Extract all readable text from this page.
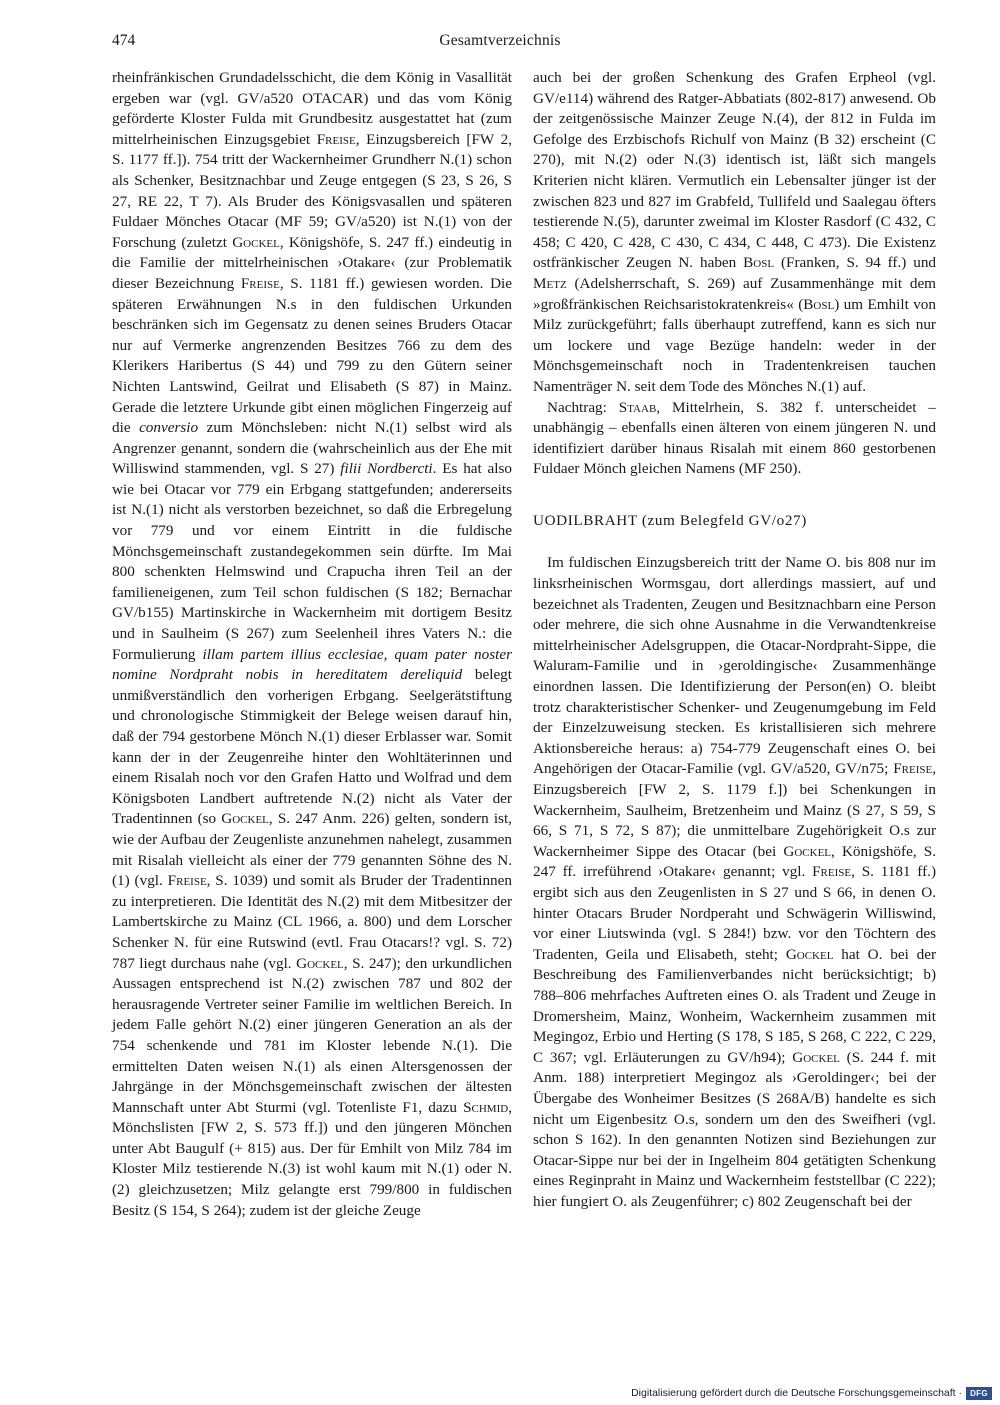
474	Gesamtverzeichnis

rheinfränkischen Grundadelsschicht, die dem König in Vasallität ergeben war (vgl. GV/a520 OTACAR) und das vom König geförderte Kloster Fulda mit Grundbesitz ausgestattet hat (zum mittelrheinischen Einzugsgebiet Freise, Einzugsbereich [FW 2, S. 1177 ff.]). 754 tritt der Wackernheimer Grundherr N.(1) schon als Schenker, Besitznachbar und Zeuge entgegen (S 23, S 26, S 27, RE 22, T 7). Als Bruder des Königsvasallen und späteren Fuldaer Mönches Otacar (MF 59; GV/a520) ist N.(1) von der Forschung (zuletzt Gockel, Königshöfe, S. 247 ff.) eindeutig in die Familie der mittelrheinischen ›Otakare‹ (zur Problematik dieser Bezeichnung Freise, S. 1181 ff.) gewiesen worden. Die späteren Erwähnungen N.s in den fuldischen Urkunden beschränken sich im Gegensatz zu denen seines Bruders Otacar nur auf Vermerke angrenzenden Besitzes 766 zu dem des Klerikers Haribertus (S 44) und 799 zu den Gütern seiner Nichten Lantswind, Geilrat und Elisabeth (S 87) in Mainz. Gerade die letztere Urkunde gibt einen möglichen Fingerzeig auf die conversio zum Mönchsleben: nicht N.(1) selbst wird als Angrenzer genannt, sondern die (wahrscheinlich aus der Ehe mit Williswind stammenden, vgl. S 27) filii Nordbercti. Es hat also wie bei Otacar vor 779 ein Erbgang stattgefunden; andererseits ist N.(1) nicht als verstorben bezeichnet, so daß die Erbregelung vor 779 und vor einem Eintritt in die fuldische Mönchsgemeinschaft zustandegekommen sein dürfte. Im Mai 800 schenkten Helmswind und Crapucha ihren Teil an der familieneigenen, zum Teil schon fuldischen (S 182; Bernachar GV/b155) Martinskirche in Wackernheim mit dortigem Besitz und in Saulheim (S 267) zum Seelenheil ihres Vaters N.: die Formulierung illam partem illius ecclesiae, quam pater noster nomine Nordpraht nobis in hereditatem dereliquid belegt unmißverständlich den vorherigen Erbgang. Seelgerätstiftung und chronologische Stimmigkeit der Belege weisen darauf hin, daß der 794 gestorbene Mönch N.(1) dieser Erblasser war. Somit kann der in der Zeugenreihe hinter den Wohltäterinnen und einem Risalah noch vor den Grafen Hatto und Wolfrad und dem Königsboten Landbert auftretende N.(2) nicht als Vater der Tradentinnen (so Gockel, S. 247 Anm. 226) gelten, sondern ist, wie der Aufbau der Zeugenliste anzunehmen nahelegt, zusammen mit Risalah vielleicht als einer der 779 genannten Söhne des N.(1) (vgl. Freise, S. 1039) und somit als Bruder der Tradentinnen zu interpretieren. Die Identität des N.(2) mit dem Mitbesitzer der Lambertskirche zu Mainz (CL 1966, a. 800) und dem Lorscher Schenker N. für eine Rutswind (evtl. Frau Otacars!? vgl. S. 72) 787 liegt durchaus nahe (vgl. Gockel, S. 247); den urkundlichen Aussagen entsprechend ist N.(2) zwischen 787 und 802 der herausragende Vertreter seiner Familie im weltlichen Bereich. In jedem Falle gehört N.(2) einer jüngeren Generation an als der 754 schenkende und 781 im Kloster lebende N.(1). Die ermittelten Daten weisen N.(1) als einen Altersgenossen der Jahrgänge in der Mönchsgemeinschaft zwischen der ältesten Mannschaft unter Abt Sturmi (vgl. Totenliste F1, dazu Schmid, Mönchslisten [FW 2, S. 573 ff.]) und den jüngeren Mönchen unter Abt Baugulf (+ 815) aus. Der für Emhilt von Milz 784 im Kloster Milz testierende N.(3) ist wohl kaum mit N.(1) oder N.(2) gleichzusetzen; Milz gelangte erst 799/800 in fuldischen Besitz (S 154, S 264); zudem ist der gleiche Zeuge

auch bei der großen Schenkung des Grafen Erpheol (vgl. GV/e114) während des Ratger-Abbatiats (802-817) anwesend. Ob der zeitgenössische Mainzer Zeuge N.(4), der 812 in Fulda im Gefolge des Erzbischofs Richulf von Mainz (B 32) erscheint (C 270), mit N.(2) oder N.(3) identisch ist, läßt sich mangels Kriterien nicht klären. Vermutlich ein Lebensalter jünger ist der zwischen 823 und 827 im Grabfeld, Tullifeld und Saalegau öfters testierende N.(5), darunter zweimal im Kloster Rasdorf (C 432, C 458; C 420, C 428, C 430, C 434, C 448, C 473). Die Existenz ostfränkischer Zeugen N. haben Bosl (Franken, S. 94 ff.) und Metz (Adelsherrschaft, S. 269) auf Zusammenhänge mit dem »großfränkischen Reichsaristokratenkreis« (Bosl) um Emhilt von Milz zurückgeführt; falls überhaupt zutreffend, kann es sich nur um lockere und vage Bezüge handeln: weder in der Mönchsgemeinschaft noch in Tradentenkreisen tauchen Namenträger N. seit dem Tode des Mönches N.(1) auf.

Nachtrag: Staab, Mittelrhein, S. 382 f. unterscheidet – unabhängig – ebenfalls einen älteren von einem jüngeren N. und identifiziert darüber hinaus Risalah mit einem 860 gestorbenen Fuldaer Mönch gleichen Namens (MF 250).

UODILBRAHT (zum Belegfeld GV/o27)

Im fuldischen Einzugsbereich tritt der Name O. bis 808 nur im linksrheinischen Wormsgau, dort allerdings massiert, auf und bezeichnet als Tradenten, Zeugen und Besitznachbarn eine Person oder mehrere, die sich ohne Ausnahme in die Verwandtenkreise mittelrheinischer Adelsgruppen, die Otacar-Nordpraht-Sippe, die Waluram-Familie und in ›geroldingische‹ Zusammenhänge einordnen lassen. Die Identifizierung der Person(en) O. bleibt trotz charakteristischer Schenker- und Zeugenumgebung im Feld der Einzelzuweisung stecken. Es kristallisieren sich mehrere Aktionsbereiche heraus: a) 754-779 Zeugenschaft eines O. bei Angehörigen der Otacar-Familie (vgl. GV/a520, GV/n75; Freise, Einzugsbereich [FW 2, S. 1179 f.]) bei Schenkungen in Wackernheim, Saulheim, Bretzenheim und Mainz (S 27, S 59, S 66, S 71, S 72, S 87); die unmittelbare Zugehörigkeit O.s zur Wackernheimer Sippe des Otacar (bei Gockel, Königshöfe, S. 247 ff. irreführend ›Otakare‹ genannt; vgl. Freise, S. 1181 ff.) ergibt sich aus den Zeugenlisten in S 27 und S 66, in denen O. hinter Otacars Bruder Nordperaht und Schwägerin Williswind, vor einer Liutswinda (vgl. S 284!) bzw. vor den Töchtern des Tradenten, Geila und Elisabeth, steht; Gockel hat O. bei der Beschreibung des Familienverbandes nicht berücksichtigt; b) 788–806 mehrfaches Auftreten eines O. als Tradent und Zeuge in Dromersheim, Mainz, Wonheim, Wackernheim zusammen mit Megingoz, Erbio und Herting (S 178, S 185, S 268, C 222, C 229, C 367; vgl. Erläuterungen zu GV/h94); Gockel (S. 244 f. mit Anm. 188) interpretiert Megingoz als ›Geroldinger‹; bei der Übergabe des Wonheimer Besitzes (S 268A/B) handelte es sich nicht um Eigenbesitz O.s, sondern um den des Sweifheri (vgl. schon S 162). In den genannten Notizen sind Beziehungen zur Otacar-Sippe nur bei der in Ingelheim 804 getätigten Schenkung eines Reginpraht in Mainz und Wackernheim feststellbar (C 222); hier fungiert O. als Zeugenführer; c) 802 Zeugenschaft bei der

Digitalisierung gefördert durch die Deutsche Forschungsgemeinschaft ·	DFG
